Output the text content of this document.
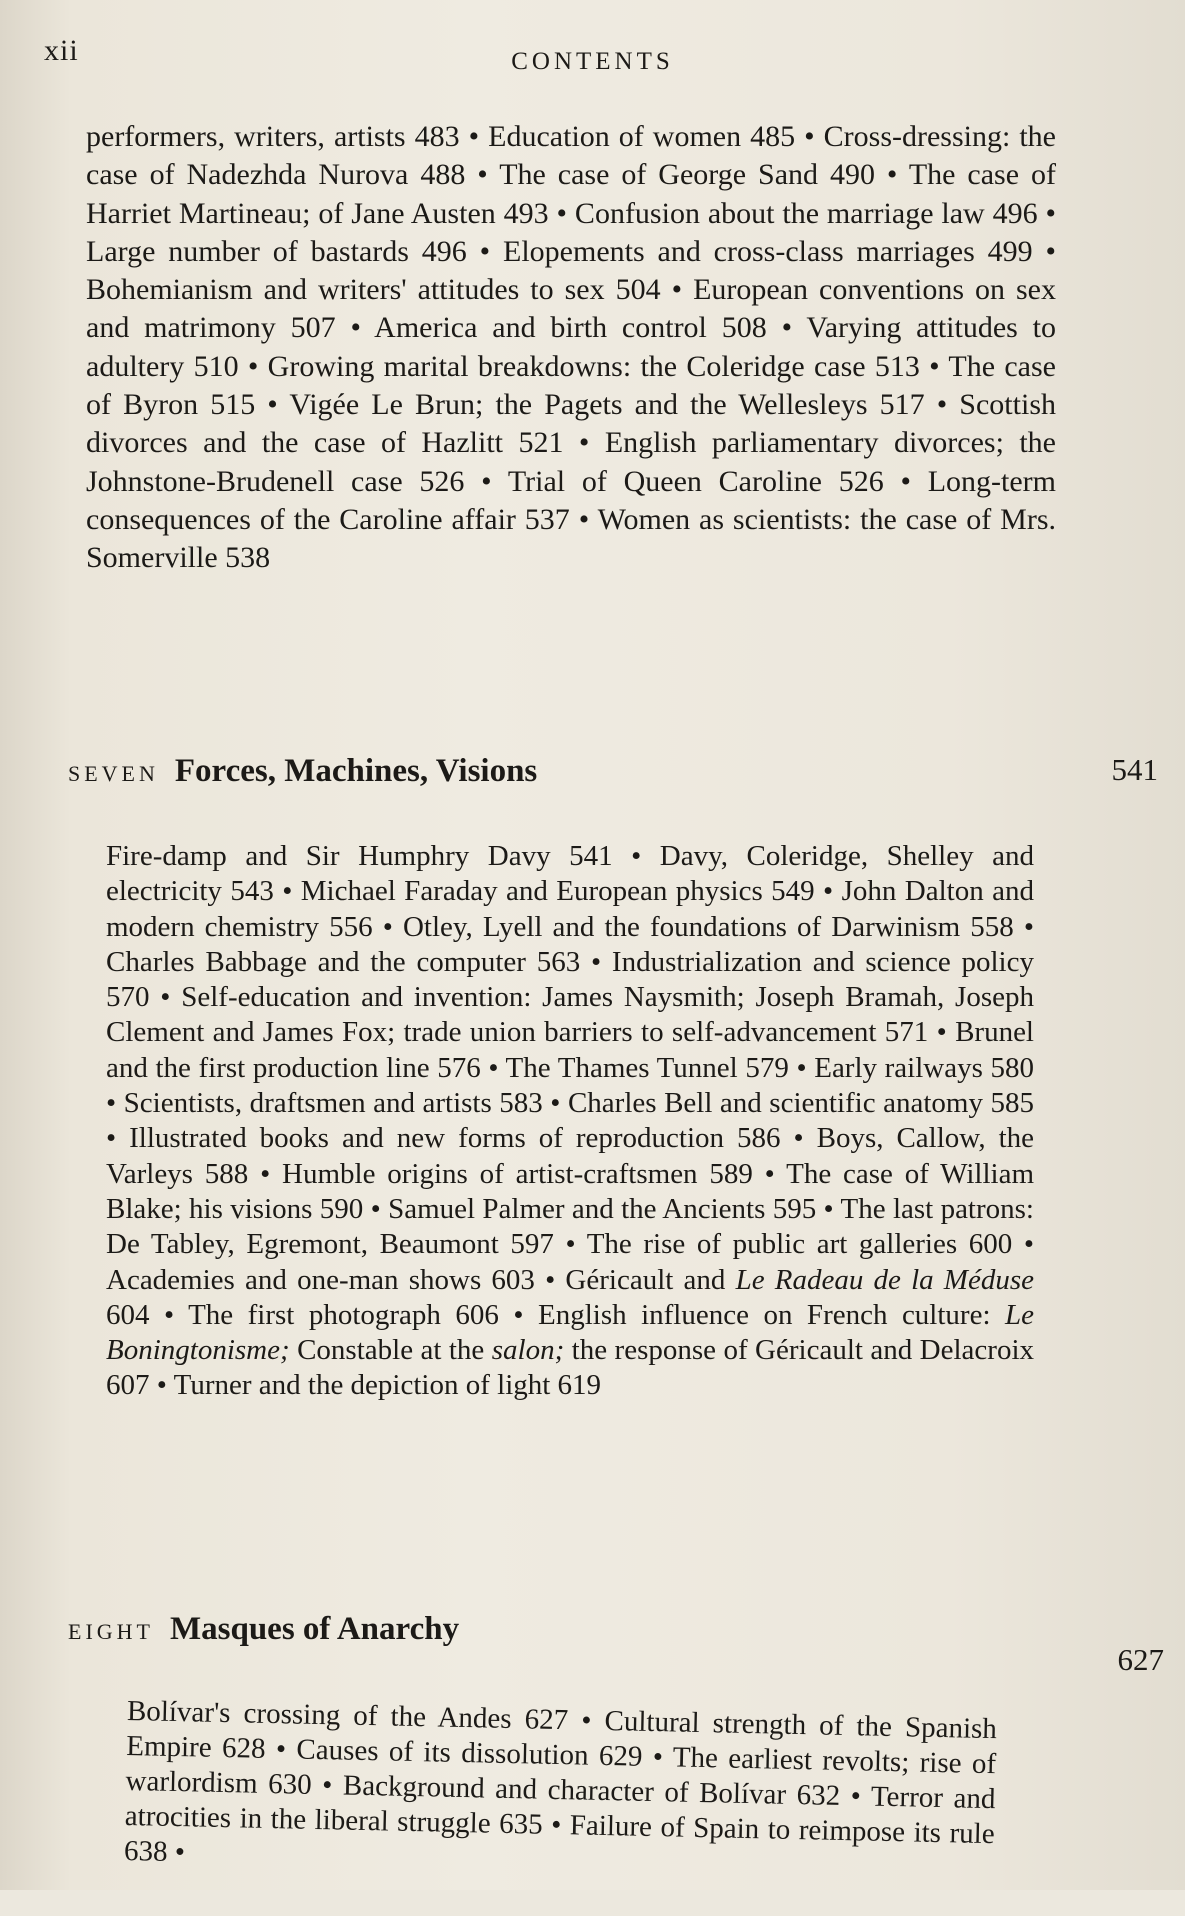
xii	CONTENTS

performers, writers, artists 483 • Education of women 485 • Cross-dressing: the case of Nadezhda Nurova 488 • The case of George Sand 490 • The case of Harriet Martineau; of Jane Austen 493 • Confusion about the marriage law 496 • Large number of bastards 496 • Elopements and cross-class marriages 499 • Bohemianism and writers' attitudes to sex 504 • European conventions on sex and matrimony 507 • America and birth control 508 • Varying attitudes to adultery 510 • Growing marital breakdowns: the Coleridge case 513 • The case of Byron 515 • Vigée Le Brun; the Pagets and the Wellesleys 517 • Scottish divorces and the case of Hazlitt 521 • English parliamentary divorces; the Johnstone-Brudenell case 526 • Trial of Queen Caroline 526 • Long-term consequences of the Caroline affair 537 • Women as scientists: the case of Mrs. Somerville 538

SEVEN Forces, Machines, Visions	541

Fire-damp and Sir Humphry Davy 541 • Davy, Coleridge, Shelley and electricity 543 • Michael Faraday and European physics 549 • John Dalton and modern chemistry 556 • Otley, Lyell and the foundations of Darwinism 558 • Charles Babbage and the computer 563 • Industrialization and science policy 570 • Self-education and invention: James Naysmith; Joseph Bramah, Joseph Clement and James Fox; trade union barriers to self-advancement 571 • Brunel and the first production line 576 • The Thames Tunnel 579 • Early railways 580 • Scientists, draftsmen and artists 583 • Charles Bell and scientific anatomy 585 • Illustrated books and new forms of reproduction 586 • Boys, Callow, the Varleys 588 • Humble origins of artist-craftsmen 589 • The case of William Blake; his visions 590 • Samuel Palmer and the Ancients 595 • The last patrons: De Tabley, Egremont, Beaumont 597 • The rise of public art galleries 600 • Academies and one-man shows 603 • Géricault and Le Radeau de la Méduse 604 • The first photograph 606 • English influence on French culture: Le Boningtonisme; Constable at the salon; the response of Géricault and Delacroix 607 • Turner and the depiction of light 619

EIGHT Masques of Anarchy
627

Bolívar's crossing of the Andes 627 • Cultural strength of the Spanish Empire 628 • Causes of its dissolution 629 • The earliest revolts; rise of warlordism 630 • Background and character of Bolívar 632 • Terror and atrocities in the liberal struggle 635 • Failure of Spain to reimpose its rule 638 •
